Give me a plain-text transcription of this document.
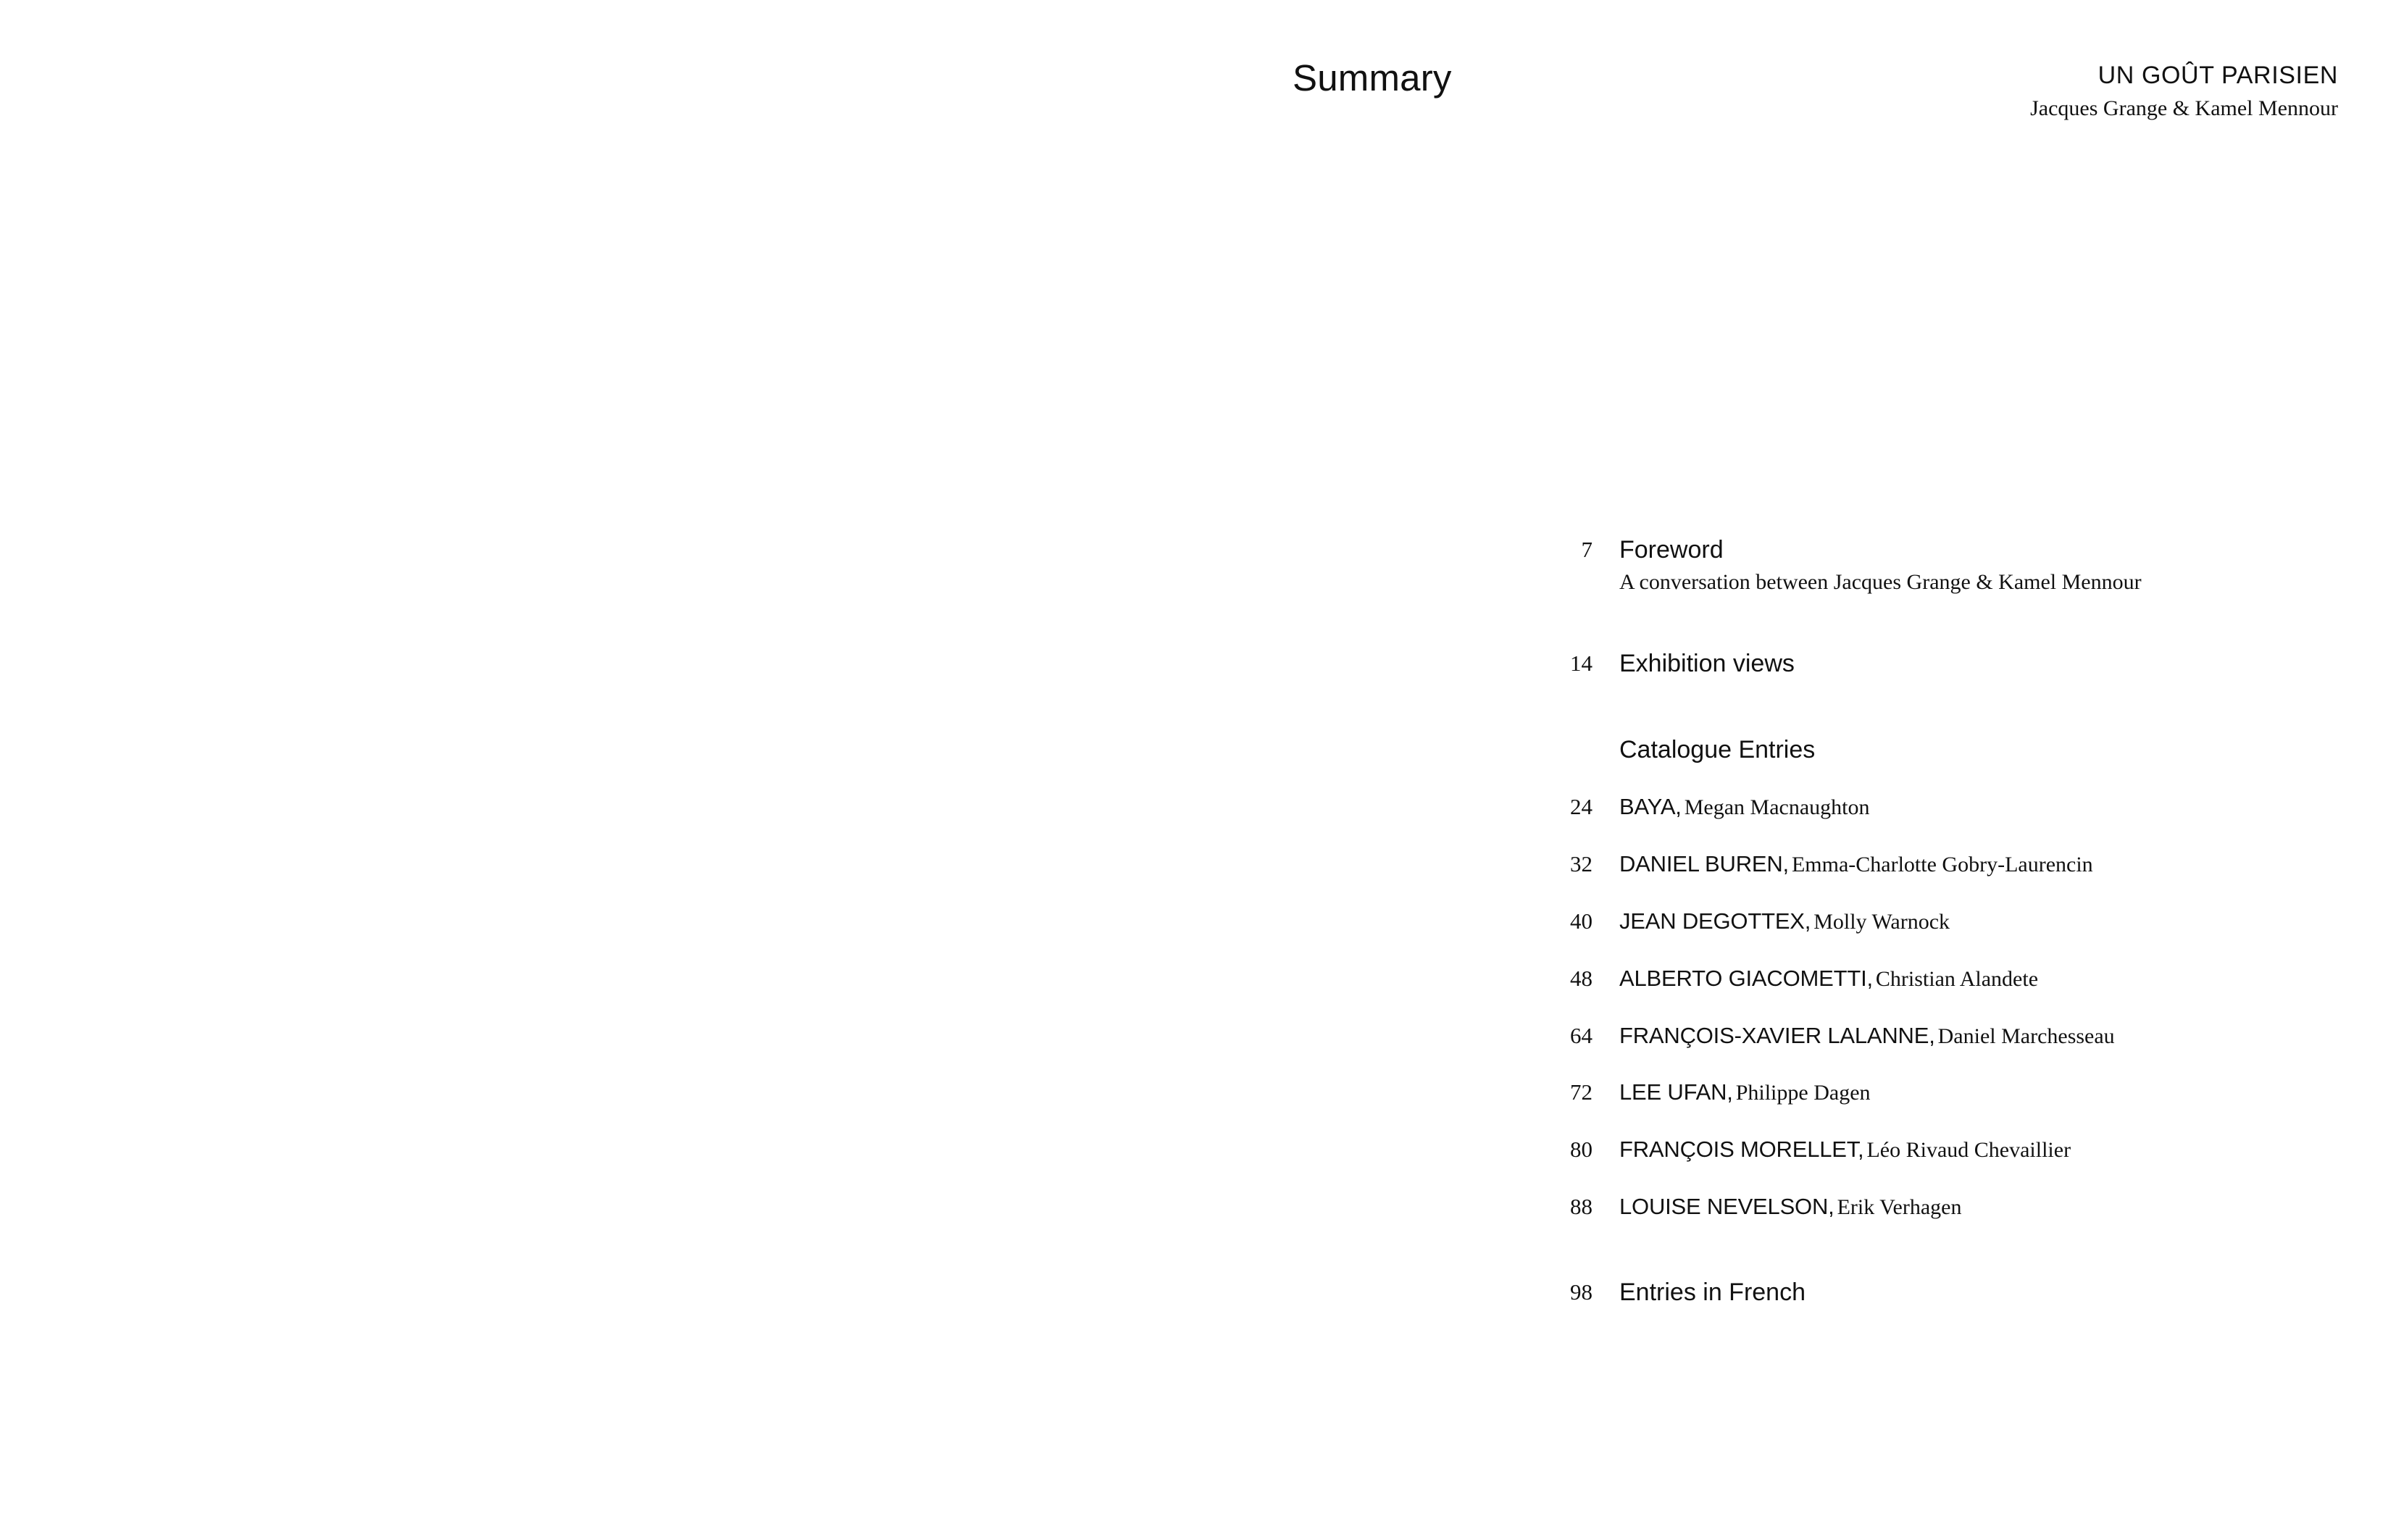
Summary	UN GOÛT PARISIEN
Jacques Grange & Kamel Mennour
7 Foreword
A conversation between Jacques Grange & Kamel Mennour
14 Exhibition views
Catalogue Entries
24 BAYA, Megan Macnaughton
32 DANIEL BUREN, Emma-Charlotte Gobry-Laurencin
40 JEAN DEGOTTEX, Molly Warnock
48 ALBERTO GIACOMETTI, Christian Alandete
64 FRANÇOIS-XAVIER LALANNE, Daniel Marchesseau
72 LEE UFAN, Philippe Dagen
80 FRANÇOIS MORELLET, Léo Rivaud Chevaillier
88 LOUISE NEVELSON, Erik Verhagen
98 Entries in French
